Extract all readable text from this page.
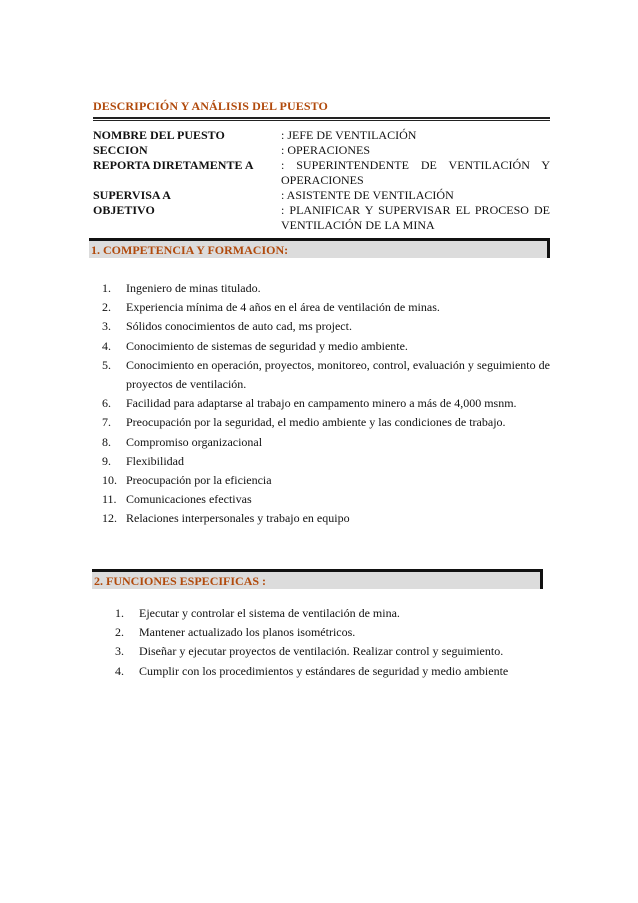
DESCRIPCIÓN Y ANÁLISIS DEL PUESTO
NOMBRE DEL PUESTO	: JEFE DE VENTILACIÓN
SECCION	: OPERACIONES
REPORTA DIRETAMENTE A	: SUPERINTENDENTE DE VENTILACIÓN Y OPERACIONES
SUPERVISA A	: ASISTENTE DE VENTILACIÓN
OBJETIVO	: PLANIFICAR Y SUPERVISAR EL PROCESO DE VENTILACIÓN DE LA MINA
1. COMPETENCIA Y FORMACION:
1. Ingeniero de minas titulado.
2. Experiencia mínima de 4 años en el área de ventilación de minas.
3. Sólidos conocimientos de auto cad, ms project.
4. Conocimiento de sistemas de seguridad y medio ambiente.
5. Conocimiento en operación, proyectos, monitoreo, control, evaluación y seguimiento de proyectos de ventilación.
6. Facilidad para adaptarse al trabajo en campamento minero a más de 4,000 msnm.
7. Preocupación por la seguridad, el medio ambiente y las condiciones de trabajo.
8. Compromiso organizacional
9. Flexibilidad
10. Preocupación por la eficiencia
11. Comunicaciones efectivas
12. Relaciones interpersonales y trabajo en equipo
2. FUNCIONES ESPECIFICAS :
1. Ejecutar y controlar el sistema de ventilación de mina.
2. Mantener actualizado los planos isométricos.
3. Diseñar y ejecutar proyectos de ventilación. Realizar control y seguimiento.
4. Cumplir con los procedimientos y estándares de seguridad y medio ambiente
